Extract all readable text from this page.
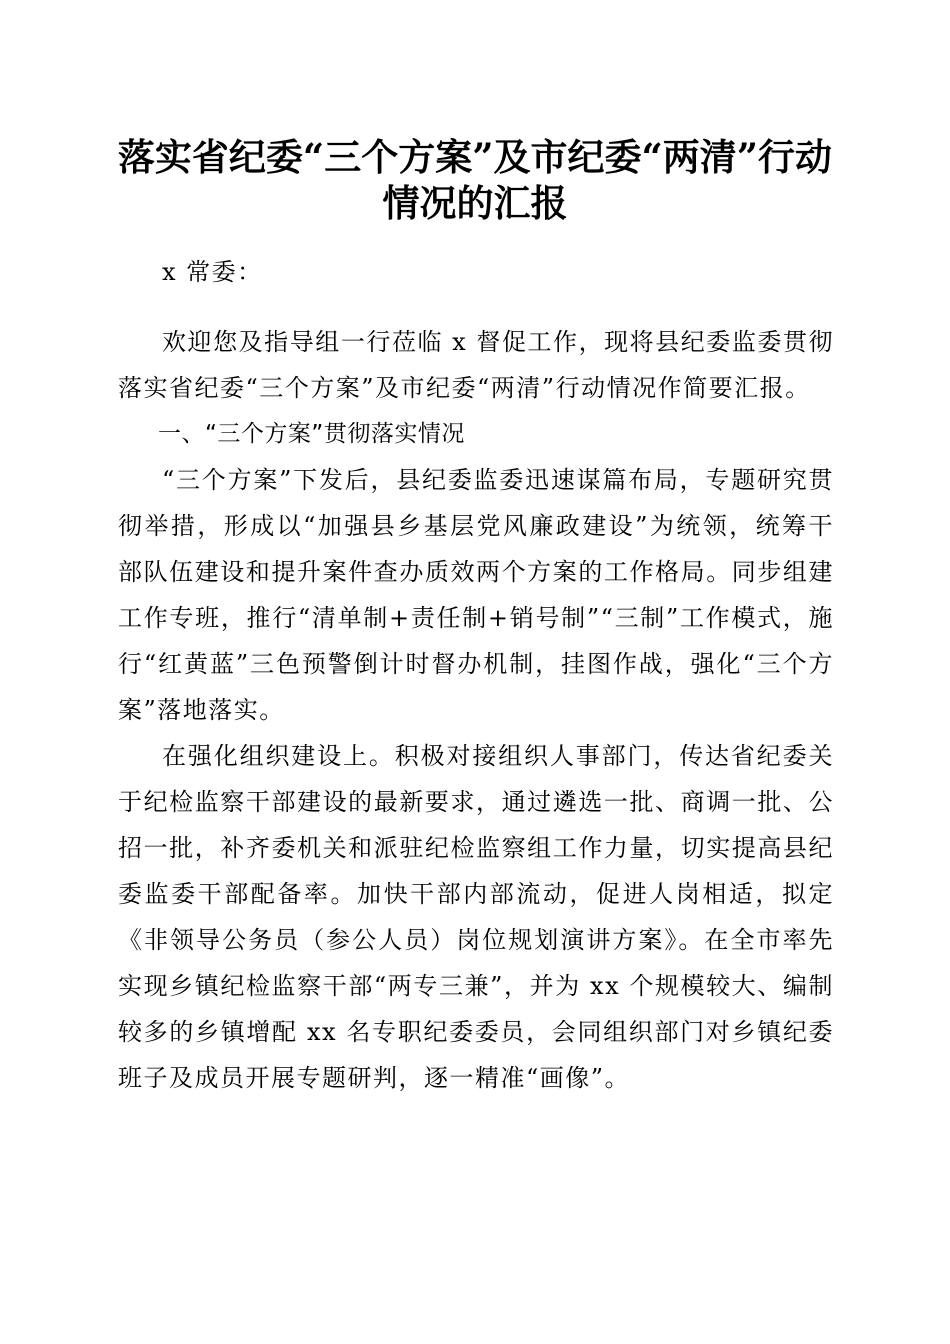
落实省纪委“三个方案”及市纪委“两清”行动情况的汇报

x 常委：

欢迎您及指导组一行莅临 x 督促工作，现将县纪委监委贯彻落实省纪委“三个方案”及市纪委“两清”行动情况作简要汇报。

一、“三个方案”贯彻落实情况

“三个方案”下发后，县纪委监委迅速谋篇布局，专题研究贯彻举措，形成以“加强县乡基层党风廉政建设”为统领，统筹干部队伍建设和提升案件查办质效两个方案的工作格局。同步组建工作专班，推行“清单制+责任制+销号制”“三制”工作模式，施行“红黄蓝”三色预警倒计时督办机制，挂图作战，强化“三个方案”落地落实。

在强化组织建设上。积极对接组织人事部门，传达省纪委关于纪检监察干部建设的最新要求，通过遴选一批、商调一批、公招一批，补齐委机关和派驻纪检监察组工作力量，切实提高县纪委监委干部配备率。加快干部内部流动，促进人岗相适，拟定《非领导公务员（参公人员）岗位规划演讲方案》。在全市率先实现乡镇纪检监察干部“两专三兼”，并为 xx 个规模较大、编制较多的乡镇增配 xx 名专职纪委委员，会同组织部门对乡镇纪委班子及成员开展专题研判，逐一精准“画像”。
